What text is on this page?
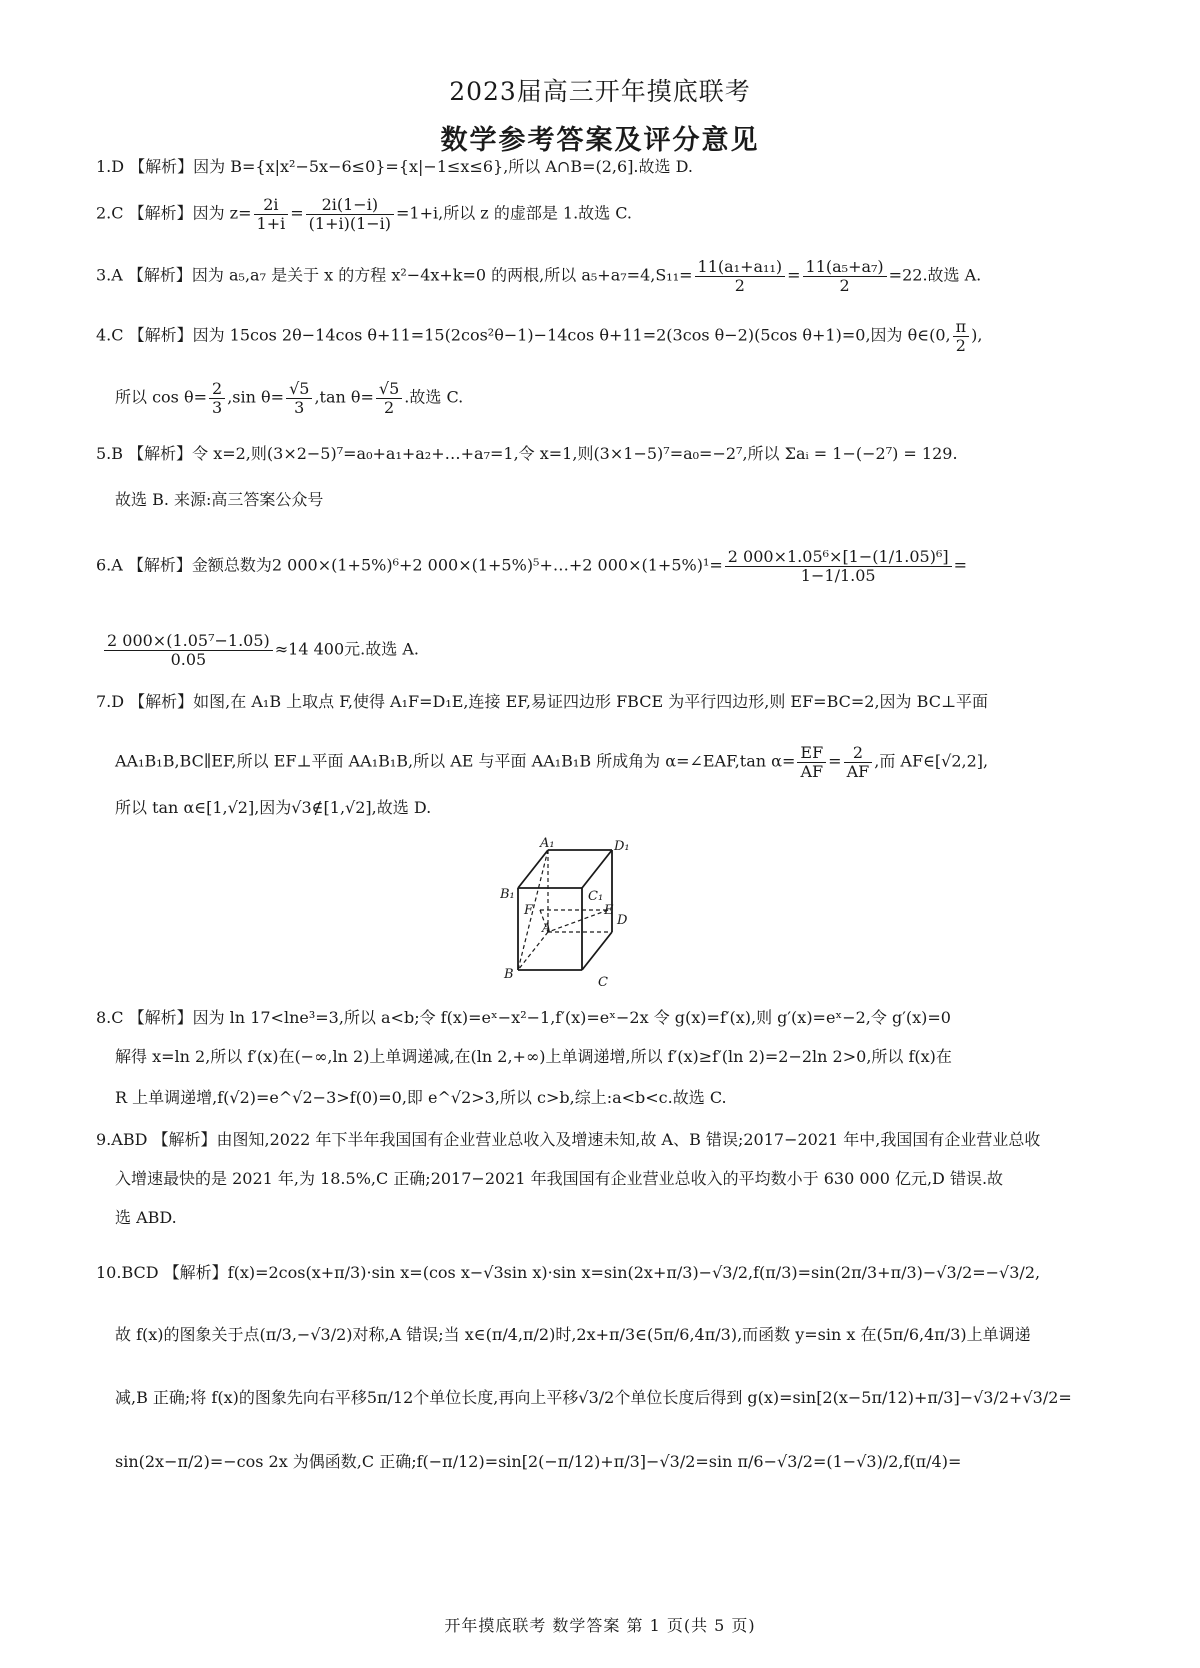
2023届高三开年摸底联考
数学参考答案及评分意见
1.D 【解析】因为 B={x|x²−5x−6≤0}={x|−1≤x≤6},所以 A∩B=(2,6].故选 D.
2.C 【解析】因为 $z= \frac{2i}{1+i} = \frac{2i(1-i)}{(1+i)(1-i)} =1+i$,所以 z 的虚部是 1.故选 C.
3.A 【解析】因为 a₅,a₇ 是关于 x 的方程 x²−4x+k=0 的两根,所以 $a_5+a_7=4,S_{11}= \frac{\text{11(a₁+a₁₁)}}{2} = \frac{\text{11(a₅+a₇)}}{2} =22$.故选 A.
4.C 【解析】因为 15cos 2θ−14cos θ+11=15(2cos²θ−1)−14cos θ+11=2(3cos θ−2)(5cos θ+1)=0,因为 θ∈(0, $\frac{\pi}{2}$ ),
所以 $\cos \theta= \frac{2}{3} ,\sin$ $\theta= \frac{√5}{3} ,\tan$ $\theta= \frac{√5}{2}$ .故选 C.
5.B 【解析】令 x=2,则(3×2−5)⁷=a₀+a₁+a₂+…+a₇=1,令 x=1,则(3×1−5)⁷=a₀=−2⁷,所以 Σaᵢ = 1−(−2⁷) = 129.
故选 B. 来源:高三答案公众号
6.A 【解析】金额总数为2 000×(1+5%)⁶+2 000×(1+5%)⁵+…+2 $000\times(1+5\%)^1= \frac{\text{2 000×1.05⁶×[1−(1/1.05)⁶]}}{1-1/1.05}$ =
$\frac{\text{2 000×(1.05⁷−1.05)}}{0.05} \approx 14$ 400元.故选 A.
7.D 【解析】如图,在 A₁B 上取点 F,使得 A₁F=D₁E,连接 EF,易证四边形 FBCE 为平行四边形,则 EF=BC=2,因为 BC⊥平面
AA₁B₁B,BC∥EF,所以 EF⊥平面 AA₁B₁B,所以 AE 与平面 AA₁B₁B 所成角为 α=∠EAF,tan $\alpha= \frac{EF}{AF} = \frac{2}{AF}$ ,而 AF∈[√2,2],
所以 tan α∈[1,√2],因为√3∉[1,√2],故选 D.
A₁	D₁
B₁	C₁
F	E
A
D
B
C
8.C 【解析】因为 ln 17<lne³=3,所以 a<b;令 f(x)=eˣ−x²−1,f′(x)=eˣ−2x 令 g(x)=f′(x),则 g′(x)=eˣ−2,令 g′(x)=0
解得 x=ln 2,所以 f′(x)在(−∞,ln 2)上单调递减,在(ln 2,+∞)上单调递增,所以 f′(x)≥f′(ln 2)=2−2ln 2>0,所以 f(x)在
R 上单调递增,f(√2)=e^√2−3>f(0)=0,即 e^√2>3,所以 c>b,综上:a<b<c.故选 C.
9.ABD 【解析】由图知,2022 年下半年我国国有企业营业总收入及增速未知,故 A、B 错误;2017−2021 年中,我国国有企业营业总收
入增速最快的是 2021 年,为 18.5%,C 正确;2017−2021 年我国国有企业营业总收入的平均数小于 630 000 亿元,D 错误.故
选 ABD.
10.BCD 【解析】f(x)=2cos(x+π/3)·sin x=(cos x−√3sin x)·sin x=sin(2x+π/3)−√3/2,f(π/3)=sin(2π/3+π/3)−√3/2=−√3/2,
故 f(x)的图象关于点(π/3,−√3/2)对称,A 错误;当 x∈(π/4,π/2)时,2x+π/3∈(5π/6,4π/3),而函数 y=sin x 在(5π/6,4π/3)上单调递
减,B 正确;将 f(x)的图象先向右平移5π/12个单位长度,再向上平移√3/2个单位长度后得到 g(x)=sin[2(x−5π/12)+π/3]−√3/2+√3/2=
sin(2x−π/2)=−cos 2x 为偶函数,C 正确;f(−π/12)=sin[2(−π/12)+π/3]−√3/2=sin π/6−√3/2=(1−√3)/2,f(π/4)=
开年摸底联考 数学答案 第 1 页(共 5 页)
